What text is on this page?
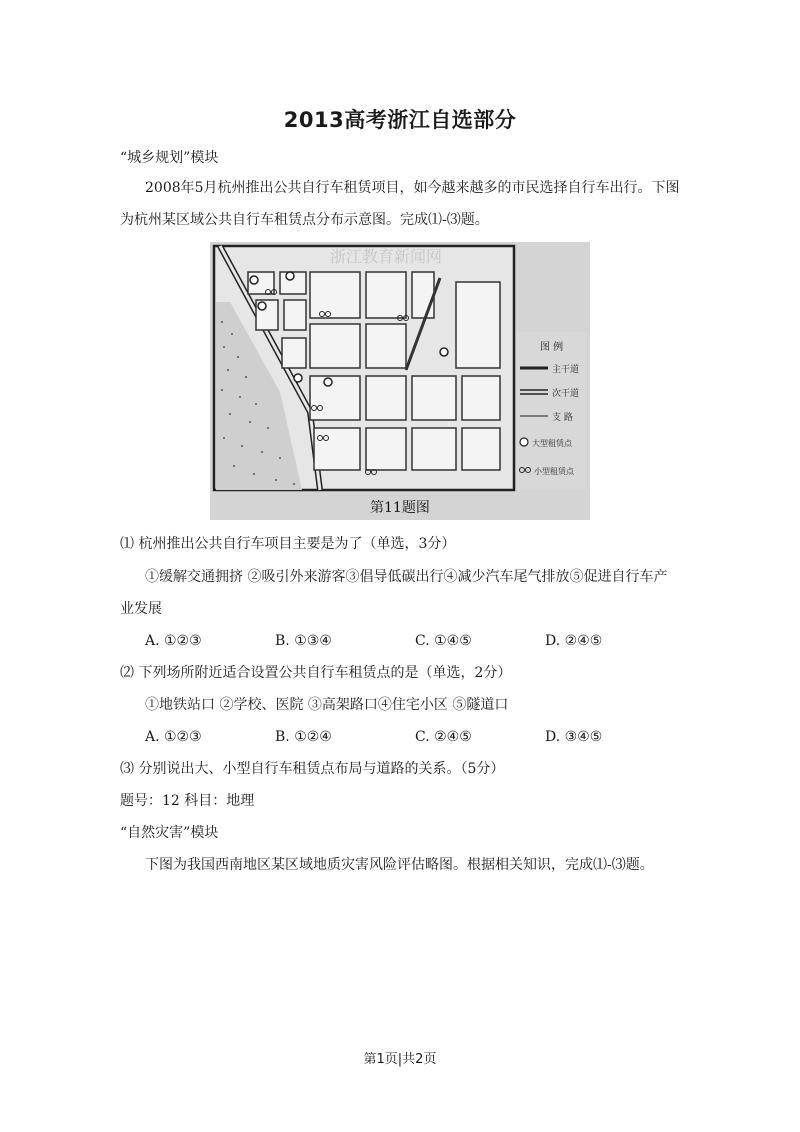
2013高考浙江自选部分
“城乡规划”模块
2008年5月杭州推出公共自行车租赁项目，如今越来越多的市民选择自行车出行。下图
为杭州某区域公共自行车租赁点分布示意图。完成⑴-⑶题。
图 例
主干道
次干道
支 路
大型租赁点
小型租赁点
浙江教育新闻网
第11题图
⑴ 杭州推出公共自行车项目主要是为了（单选，3分）
①缓解交通拥挤 ②吸引外来游客③倡导低碳出行④减少汽车尾气排放⑤促进自行车产
业发展
A. ①②③	B. ①③④	C. ①④⑤	D. ②④⑤
⑵ 下列场所附近适合设置公共自行车租赁点的是（单选，2分）
①地铁站口 ②学校、医院 ③高架路口④住宅小区 ⑤隧道口
A. ①②③	B. ①②④	C. ②④⑤	D. ③④⑤
⑶ 分别说出大、小型自行车租赁点布局与道路的关系。（5分）
题号：12 科目：地理
“自然灾害”模块
下图为我国西南地区某区域地质灾害风险评估略图。根据相关知识，完成⑴-⑶题。
第1页|共2页
